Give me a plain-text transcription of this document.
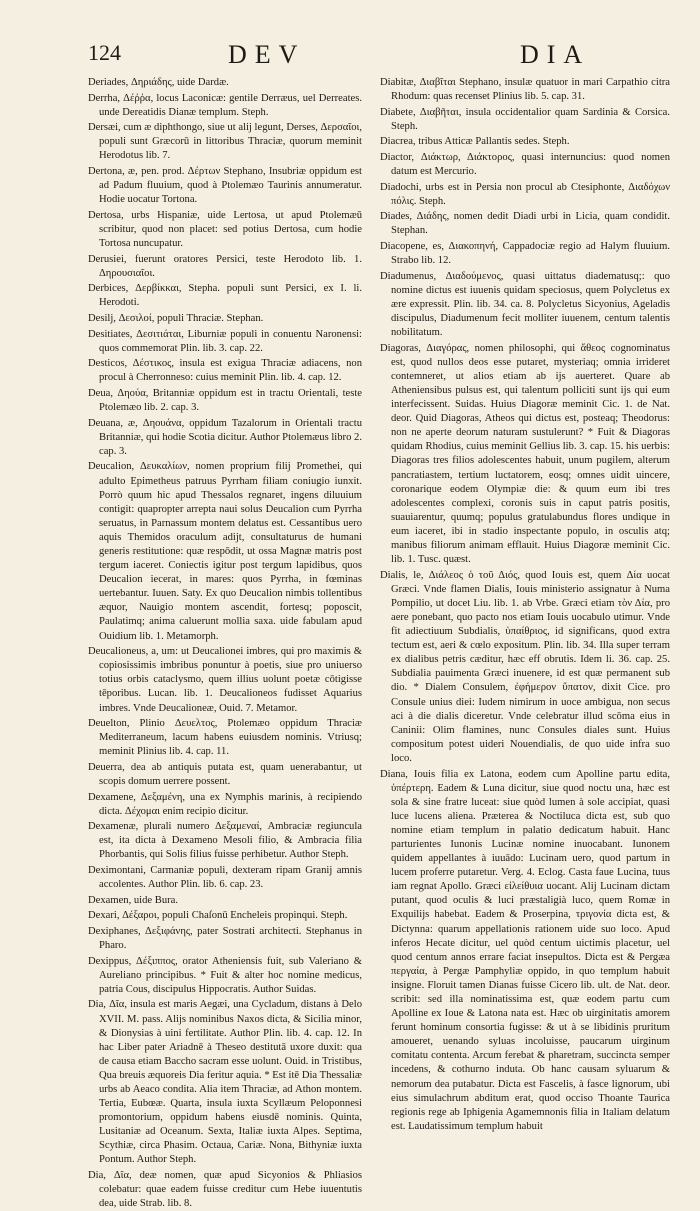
124	DEV	DIA

Deriades, Δηριάδης, uide Dardæ.

Derrha, Δέῤῥα, locus Laconicæ: gentile Derræus, uel Derreates. unde Dereatidis Dianæ templum. Steph.

Dersæi, cum æ diphthongo, siue ut alij legunt, Derses, Δερσαῖοι, populi sunt Græcorū in littoribus Thraciæ, quorum meminit Herodotus lib. 7.

Dertona, æ, pen. prod. Δέρτων Stephano, Insubriæ oppidum est ad Padum fluuium, quod à Ptolemæo Taurinis annumeratur. Hodie uocatur Tortona.

Dertosa, urbs Hispaniæ, uide Lertosa, ut apud Ptolemæū scribitur, quod non placet: sed potius Dertosa, cum hodie Tortosa nuncupatur.

Derusiei, fuerunt oratores Persici, teste Herodoto lib. 1. Δηρουσιαῖοι.

Derbices, Δερβίκκαι, Stepha. populi sunt Persici, ex I. li. Herodoti.

Desilj, Δεσιλοί, populi Thraciæ. Stephan.

Desitiates, Δεσιτιάται, Liburniæ populi in conuentu Naronensi: quos commemorat Plin. lib. 3. cap. 22.

Desticos, Δέστικος, insula est exigua Thraciæ adiacens, non procul à Cherronneso: cuius meminit Plin. lib. 4. cap. 12.

Deua, Δηούα, Britanniæ oppidum est in tractu Orientali, teste Ptolemæo lib. 2. cap. 3.

Deuana, æ, Δηουάνα, oppidum Tazalorum in Orientali tractu Britanniæ, qui hodie Scotia dicitur. Author Ptolemæus libro 2. cap. 3.

Deucalion, Δευκαλίων, nomen proprium filij Promethei, qui adulto Epimetheus patruus Pyrrham filiam coniugio iunxit. Porrò quum hic apud Thessalos regnaret, ingens diluuium contigit: quapropter arrepta naui solus Deucalion cum Pyrrha seruatus, in Parnassum montem delatus est. Cessantibus uero aquis Themidos oraculum adijt, consultaturus de humani generis restitutione: quæ respōdit, ut ossa Magnæ matris post tergum iaceret. Coniectis igitur post tergum lapidibus, quos Deucalion iecerat, in mares: quos Pyrrha, in fœminas uertebantur. Iuuen. Saty. Ex quo Deucalion nimbis tollentibus æquor, Nauigio montem ascendit, fortesq; poposcit, Paulatimq; anima caluerunt mollia saxa. uide fabulam apud Ouidium lib. 1. Metamorph.

Deucalioneus, a, um: ut Deucalionei imbres, qui pro maximis & copiosissimis imbribus ponuntur à poetis, siue pro uniuerso totius orbis cataclysmo, quem illius uolunt poetæ cōtigisse tēporibus. Lucan. lib. 1. Deucalioneos fudisset Aquarius imbres. Vnde Deucalioneæ, Ouid. 7. Metamor.

Deuelton, Plinio Δευελτος, Ptolemæo oppidum Thraciæ Mediterraneum, lacum habens euiusdem nominis. Vtriusq; meminit Plinius lib. 4. cap. 11.

Deuerra, dea ab antiquis putata est, quam uenerabantur, ut scopis domum uerrere possent.

Dexamene, Δεξαμένη, una ex Nymphis marinis, à recipiendo dicta. Δέχομαι enim recipio dicitur.

Dexamenæ, plurali numero Δεξαμεναί, Ambraciæ regiuncula est, ita dicta à Dexameno Mesoli filio, & Ambracia filia Phorbantis, qui Solis filius fuisse perhibetur. Author Steph.

Deximontani, Carmaniæ populi, dexteram ripam Granij amnis accolentes. Author Plin. lib. 6. cap. 23.

Dexamen, uide Bura.

Dexari, Δέξαροι, populi Chaſonū Encheleis propinqui. Steph.

Dexiphanes, Δεξιφάνης, pater Sostrati architecti. Stephanus in Pharo.

Dexippus, Δέξιππος, orator Atheniensis fuit, sub Valeriano & Aureliano principibus. * Fuit & alter hoc nomine medicus, patria Cous, discipulus Hippocratis. Author Suidas.

Dia, Δῖα, insula est maris Aegæi, una Cycladum, distans à Delo XVII. M. pass. Alijs nominibus Naxos dicta, & Sicilia minor, & Dionysias à uini fertilitate. Author Plin. lib. 4. cap. 12. In hac Liber pater Ariadnē à Theseo destitutā uxore duxit: qua de causa etiam Baccho sacram esse uolunt. Ouid. in Tristibus, Qua breuis æquoreis Dia feritur aquia. * Est itē Dia Thessaliæ urbs ab Aeaco condita. Alia item Thraciæ, ad Athon montem. Tertia, Eubœæ. Quarta, insula iuxta Scyllæum Peloponnesi promontorium, oppidum habens eiusdē nominis. Quinta, Lusitaniæ ad Oceanum. Sexta, Italiæ iuxta Alpes. Septima, Scythiæ, circa Phasim. Octaua, Cariæ. Nona, Bithyniæ iuxta Pontum. Author Steph.

Dia, Δῖα, deæ nomen, quæ apud Sicyonios & Phliasios colebatur: quae eadem fuisse creditur cum Hebe iuuentutis dea, uide Strab. lib. 8.

Diabitæ, Διαβῖται Stephano, insulæ quatuor in mari Carpathio citra Rhodum: quas recenset Plinius lib. 5. cap. 31.

Diabete, Διαβῆται, insula occidentalior quam Sardinia & Corsica. Steph.

Diacrea, tribus Atticæ Pallantis sedes. Steph.

Diactor, Διάκτωρ, Διάκτορος, quasi internuncius: quod nomen datum est Mercurio.

Diadochi, urbs est in Persia non procul ab Ctesiphonte, Διαδόχων πόλις. Steph.

Diades, Διάδης, nomen dedit Diadi urbi in Licia, quam condidit. Stephan.

Diacopene, es, Διακοπηνή, Cappadociæ regio ad Halym fluuium. Strabo lib. 12.

Diadumenus, Διαδούμενος, quasi uittatus diadematusq;: quo nomine dictus est iuuenis quidam speciosus, quem Polycletus ex ære expressit. Plin. lib. 34. ca. 8. Polycletus Sicyonius, Ageladis discipulus, Diadumenum fecit molliter iuuenem, centum talentis nobilitatum.

Diagoras, Διαγόρας, nomen philosophi, qui ἄθεος cognominatus est, quod nullos deos esse putaret, mysteriaq; omnia irrideret contemneret, ut alios etiam ab ijs auerteret. Quare ab Atheniensibus pulsus est, qui talentum polliciti sunt ijs qui eum interfecissent. Suidas. Huius Diagoræ meminit Cic. 1. de Nat. deor. Quid Diagoras, Atheos qui dictus est, posteaq; Theodorus: non ne aperte deorum naturam sustulerunt? * Fuit & Diagoras quidam Rhodius, cuius meminit Gellius lib. 3. cap. 15. his uerbis: Diagoras tres filios adolescentes habuit, unum pugilem, alterum pancratiastem, tertium luctatorem, eosq; omnes uidit uincere, coronarique eodem Olympiæ die: & quum eum ibi tres adolescentes complexi, coronis suis in caput patris positis, suauiarentur, quumq; populus gratulabundus flores undique in eum iaceret, ibi in stadio inspectante populo, in osculis atq; manibus filiorum animam efflauit. Huius Diagoræ meminit Cic. lib. 1. Tusc. quæst.

Dialis, le, Διάλεος ὁ τοῦ Διός, quod Iouis est, quem Δία uocat Græci. Vnde flamen Dialis, Iouis ministerio assignatur à Numa Pompilio, ut docet Liu. lib. 1. ab Vrbe. Græci etiam τὸν Δία, pro aere ponebant, quo pacto nos etiam Iouis uocabulo utimur. Vnde fit adiectiuum Subdialis, ὑπαίθριος, id significans, quod extra tectum est, aeri & cœlo expositum. Plin. lib. 34. Illa super terram ex dialibus petris cæditur, hæc eff obrutis. Idem li. 36. cap. 25. Subdialia pauimenta Græci inuenere, id est quæ permanent sub dio. * Dialem Consulem, ἐφήμερον ὕπατον, dixit Cice. pro Consule unius diei: Iudem nimirum in uoce ambigua, non secus aci à die dialis diceretur. Vnde celebratur illud scōma eius in Caninii: Olim flamines, nunc Consules diales sunt. Huius compositum potest uideri Nouendialis, de quo uide infra suo loco.

Diana, Iouis filia ex Latona, eodem cum Apolline partu edita, ὑπέρτερη. Eadem & Luna dicitur, siue quod noctu una, hæc est sola & sine fratre luceat: siue quòd lumen à sole accipiat, quasi luce lucens aliena. Præterea & Noctiluca dicta est, sub quo nomine etiam templum in palatio dedicatum habuit. Hanc parturientes Iunonis Lucinæ nomine inuocabant. Iunonem quidem appellantes à iuuādo: Lucinam uero, quod partum in lucem proferre putaretur. Verg. 4. Eclog. Casta faue Lucina, tuus iam regnat Apollo. Græci εἰλείθυια uocant. Alij Lucinam dictam putant, quod oculis & luci præstaligià luco, quem Romæ in Exquilijs habebat. Eadem & Proserpina, τριγονία dicta est, & Dictynna: quarum appellationis rationem uide suo loco. Apud inferos Hecate dicitur, uel quòd centum uictimis placetur, uel quod centum annos errare faciat insepultos. Dicta est & Pergæa περγαία, à Pergæ Pamphyliæ oppido, in quo templum habuit insigne. Floruit tamen Dianas fuisse Cicero lib. ult. de Nat. deor. scribit: sed illa nominatissima est, quæ eodem partu cum Apolline ex Ioue & Latona nata est. Hæc ob uirginitatis amorem ferunt hominum consortia fugisse: & ut à se libidinis pruritum amoueret, uenando syluas incoluisse, paucarum uirginum comitatu contenta. Arcum ferebat & pharetram, succincta semper incedens, & cothurno induta. Ob hanc causam syluarum & nemorum dea putabatur. Dicta est Fascelis, à fasce lignorum, ubi eius simulachrum abditum erat, quod occiso Thoante Taurica regionis rege ab Iphigenia Agamemnonis filia in Italiam delatum est. Laudatissimum templum habuit
